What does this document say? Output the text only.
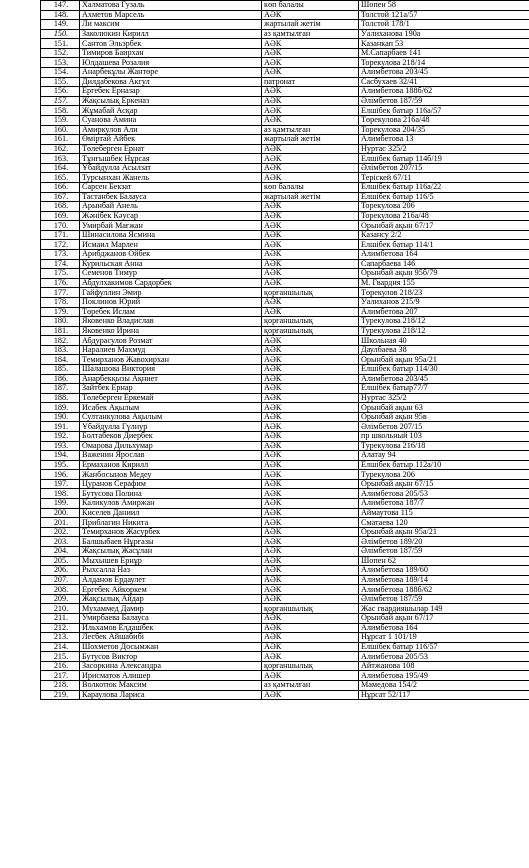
147.	Халматова Гузаль	көп балалы	Шопен 58
148.	Ахметов Марсель	АӘК	Толстой 121а/57
149.	Ли максим	жартылай жетім	Толстой 178/1
150.	Заколюкин Кирилл	аз қамтылған	Уалиханова 190а
151.	Сантов Эльэрбек	АӘК	Казанкап 53
152.	Тимиров Баирхан	АӘК	М.Сапарбаев 141
153.	Юлдашева Розалия	АӘК	Торекулова 218/14
154.	Анарбекұлы Жантөре	АӘК	Алимбетова 203/45
155.	Дилдабекова Акгул	патронат	Сасбухаев 32/41
156.	Ергебек Ерназар	АӘК	Алимбетова 188б/62
157.	Жақсылық Еркеназ	АӘК	Әлімбетов 187/59
158.	Жұмабай Асқар	АӘК	Елшібек батыр 116а/57
159.	Суанова Амина	АӘК	Төрекулова 216а/48
160.	Амиркулов Али	аз қамтылған	Торекулова 204/35
161.	Өміртай Айбек	жартылай жетім	Алимбетова 13
162.	Төлеберген Ернат	АӘК	Нуртас 325/2
163.	Тұнғышбек Нұрсая	АӘК	Елшібек батыр 114б/19
164.	Ұбайдулла Асылзат	АӘК	Әлімбетов 207/15
165.	Турсынхан Жанель	АӘК	Терiскей 67/11
166.	Сарсен Бекзат	көп балалы	Елшібек батыр 116а/22
167.	Тастанбек Балауса	жартылай жетім	Елшібек батыр 116/5
168.	Арынбай Анель	АӘК	Торекулова 206
169.	Жәнібек Кәусар	АӘК	Торекулова 216а/48
170.	Умирбай Мағжан	АӘК	Орынбай ақын 67/17
171.	Шинасилова Ясмина	АӘК	Казансу 2/2
172.	Исмаил Марлен	АӘК	Елшібек батыр 114/1
173.	Арибджанов Ойбек	АӘК	Алимбетова 164
174.	Курильская Анна	АӘК	Сапарбаева 146
175.	Семенов Тимур	АӘК	Орынбай ақын 95б/79
176.	Абдулхакимов Сардорбек	АӘК	М. Гвардия 155
177.	Гайфуллин Эмир	қорғаншылық	Төрекулов 218/23
178.	Поклинов Юрий	АӘК	Уалиханов 215/9
179.	Төребек Ислам	АӘК	Алимбетова 207
180.	Яковенко Владислав	қорғаншылық	Турекулова 218/12
181.	Яковенко Ирина	қорғаншылық	Турекулова 218/12
182.	Абдурасулов Розмат	АӘК	Школьная 40
183.	Наралиев Махмуд	АӘК	Даулбаева 38
184.	Темирханов Жавохирхан	АӘК	Орынбай ақын 95а/21
185.	Шалашова Виктория	АӘК	Елшібек батыр 114/30
186.	Анарбекқызы Ақниет	АӘК	Алимбетова 203/45
187.	Зайтбек Ернар	АӘК	Елшібек батыр77/7
188.	Төлеберген Еркемай	АӘК	Нуртас 325/2
189.	Исабек Ақылым	АӘК	Орынбай ақын 63
190.	Султанкулова Ақылым	АӘК	Орынбай ақын 95в
191.	Ұбайдулла Гүлнур	АӘК	Әлімбетов 207/15
192.	Болтабеков Диербек	АӘК	пр школьный 103
193.	Омарова Дильхумар	АӘК	Турекулова 216/18
194.	Важенин Ярослав	АӘК	Алатау 94
195.	Ермаханов Кирилл	АӘК	Елшібек батыр 112а/10
196.	Жанбосынов Медеу	АӘК	Турекулова 206
197.	Цуранов Серафим	АӘК	Орынбай ақын 67/15
198.	Бутусова Полина	АӘК	Алимбетова 205/53
199.	Каликулов Амиржан	АӘК	Алимбетова 187/7
200.	Киселев Даниил	АӘК	Аймаутова 115
201.	Приблагин Никита	АӘК	Сматаева 120
202.	Темирханов Жасурбек	АӘК	Орынбай ақын 95а/21
203.	Балшыбаев Нұрғазы	АӘК	Әлімбетов 189/20
204.	Жақсылық Жасұлан	АӘК	Әлімбетов 187/59
205.	Мыхышев Ернұр	АӘК	Шопен 62
206.	Рыхсалла Наз	АӘК	Алимбетова 189/60
207.	Алданов Ердаулет	АӘК	Алимбетова 189/14
208.	Ергебек Айкөркем	АӘК	Алимбетова 188б/62
209.	Жақсылық Айдар	АӘК	Әлімбетов 187/59
210.	Мухаммед Дамир	қорғаншылық	Жас гвардияшылар 149
211.	Умирбаева Балауса	АӘК	Орынбай ақын 67/17
212.	Ильхамов Елдашбек	АӘК	Алимбетова 164
213.	Лесбек Айшабибі	АӘК	Нұрсат 1 101/19
214.	Шохметов Досымжан	АӘК	Елшібек батыр 116/57
215.	Бутусов Виктор	АӘК	Алимбетова 205/53
216.	Засоркина Александра	қорғаншылық	Айтжанова 108
217.	Ирисматов Алишер	АӘК	Алимбетова 195/49
218.	Волкотюк Максим	аз қамтылған	Мамедова 154/2
219.	Караулова Лариса	АӘК	Нұрсат 52/117
